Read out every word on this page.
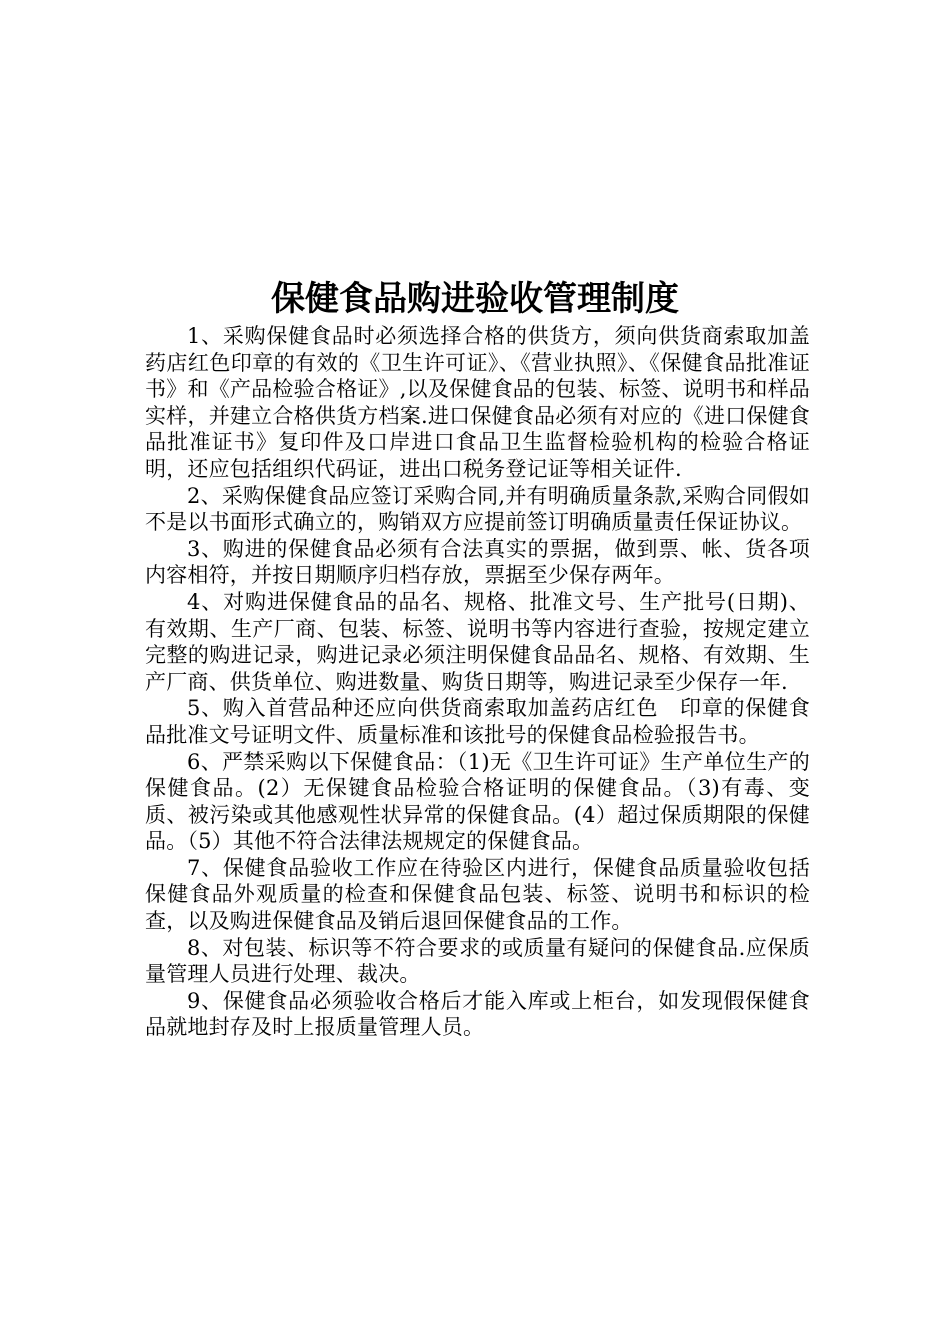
保健食品购进验收管理制度

1、采购保健食品时必须选择合格的供货方，须向供货商索取加盖药店红色印章的有效的《卫生许可证》、《营业执照》、《保健食品批准证书》和《产品检验合格证》,以及保健食品的包装、标签、说明书和样品实样，并建立合格供货方档案.进口保健食品必须有对应的《进口保健食品批准证书》复印件及口岸进口食品卫生监督检验机构的检验合格证明，还应包括组织代码证，进出口税务登记证等相关证件.

2、采购保健食品应签订采购合同,并有明确质量条款,采购合同假如不是以书面形式确立的，购销双方应提前签订明确质量责任保证协议。

3、购进的保健食品必须有合法真实的票据，做到票、帐、货各项内容相符，并按日期顺序归档存放，票据至少保存两年。

4、对购进保健食品的品名、规格、批准文号、生产批号(日期)、有效期、生产厂商、包装、标签、说明书等内容进行查验，按规定建立完整的购进记录，购进记录必须注明保健食品品名、规格、有效期、生产厂商、供货单位、购进数量、购货日期等，购进记录至少保存一年.

5、购入首营品种还应向供货商索取加盖药店红色　印章的保健食品批准文号证明文件、质量标准和该批号的保健食品检验报告书。

6、严禁采购以下保健食品：（1)无《卫生许可证》生产单位生产的保健食品。(2）无保键食品检验合格证明的保健食品。（3)有毒、变质、被污染或其他感观性状异常的保健食品。(4）超过保质期限的保健品。（5）其他不符合法律法规规定的保健食品。

7、保健食品验收工作应在待验区内进行，保健食品质量验收包括保健食品外观质量的检查和保健食品包装、标签、说明书和标识的检查，以及购进保健食品及销后退回保健食品的工作。

8、对包装、标识等不符合要求的或质量有疑问的保健食品.应保质量管理人员进行处理、裁决。

9、保健食品必须验收合格后才能入库或上柜台，如发现假保健食品就地封存及时上报质量管理人员。
